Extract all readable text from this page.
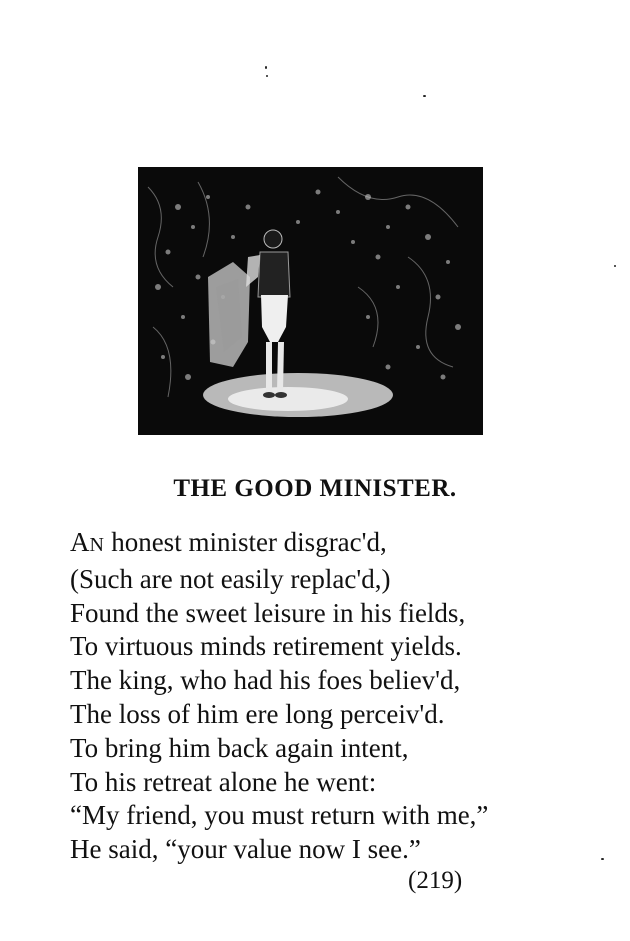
THE GOOD MINISTER.
AN honest minister disgrac'd,
(Such are not easily replac'd,)
Found the sweet leisure in his fields,
To virtuous minds retirement yields.
The king, who had his foes believ'd,
The loss of him ere long perceiv'd.
To bring him back again intent,
To his retreat alone he went:
“My friend, you must return with me,”
He said, “your value now I see.”
(219)
